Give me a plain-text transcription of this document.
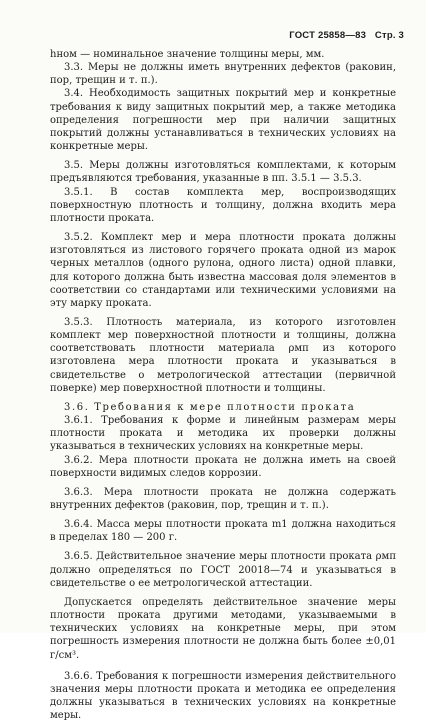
ГОСТ 25858—83 Стр. 3

hном — номинальное значение толщины меры, мм.

3.3. Меры не должны иметь внутренних дефектов (раковин, пор, трещин и т. п.).

3.4. Необходимость защитных покрытий мер и конкретные требования к виду защитных покрытий мер, а также методика определения погрешности мер при наличии защитных покрытий должны устанавливаться в технических условиях на конкретные меры.

3.5. Меры должны изготовляться комплектами, к которым предъявляются требования, указанные в пп. 3.5.1 — 3.5.3.

3.5.1. В состав комплекта мер, воспроизводящих поверхностную плотность и толщину, должна входить мера плотности проката.

3.5.2. Комплект мер и мера плотности проката должны изготовляться из листового горячего проката одной из марок черных металлов (одного рулона, одного листа) одной плавки, для которого должна быть известна массовая доля элементов в соответствии со стандартами или техническими условиями на эту марку проката.

3.5.3. Плотность материала, из которого изготовлен комплект мер поверхностной плотности и толщины, должна соответствовать плотности материала ρмп из которого изготовлена мера плотности проката и указываться в свидетельстве о метрологической аттестации (первичной поверке) мер поверхностной плотности и толщины.

3.6. Требования к мере плотности проката

3.6.1. Требования к форме и линейным размерам меры плотности проката и методика их проверки должны указываться в технических условиях на конкретные меры.

3.6.2. Мера плотности проката не должна иметь на своей поверхности видимых следов коррозии.

3.6.3. Мера плотности проката не должна содержать внутренних дефектов (раковин, пор, трещин и т. п.).

3.6.4. Масса меры плотности проката m1 должна находиться в пределах 180 — 200 г.

3.6.5. Действительное значение меры плотности проката ρмп должно определяться по ГОСТ 20018—74 и указываться в свидетельстве о ее метрологической аттестации.

Допускается определять действительное значение меры плотности проката другими методами, указываемыми в технических условиях на конкретные меры, при этом погрешность измерения плотности не должна быть более ±0,01 г/см³.

3.6.6. Требования к погрешности измерения действительного значения меры плотности проката и методика ее определения должны указываться в технических условиях на конкретные меры.
